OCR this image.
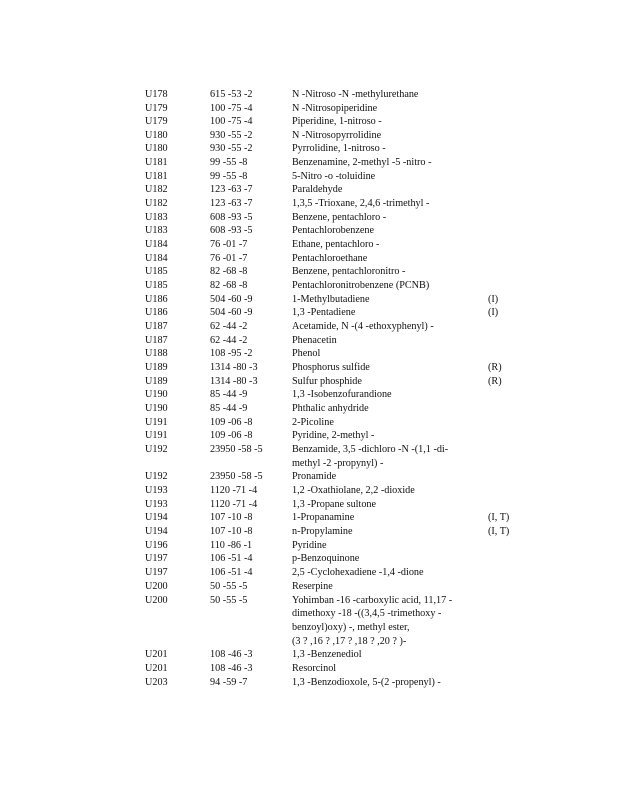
U178	615 -53 -2	N -Nitroso -N -methylurethane
U179	100 -75 -4	N -Nitrosopiperidine
U179	100 -75 -4	Piperidine, 1-nitroso -
U180	930 -55 -2	N -Nitrosopyrrolidine
U180	930 -55 -2	Pyrrolidine, 1-nitroso -
U181	99 -55 -8	Benzenamine, 2-methyl -5 -nitro -
U181	99 -55 -8	5-Nitro -o -toluidine
U182	123 -63 -7	Paraldehyde
U182	123 -63 -7	1,3,5 -Trioxane, 2,4,6 -trimethyl -
U183	608 -93 -5	Benzene, pentachloro -
U183	608 -93 -5	Pentachlorobenzene
U184	76 -01 -7	Ethane, pentachloro -
U184	76 -01 -7	Pentachloroethane
U185	82 -68 -8	Benzene, pentachloronitro -
U185	82 -68 -8	Pentachloronitrobenzene (PCNB)
U186	504 -60 -9	1-Methylbutadiene	(I)
U186	504 -60 -9	1,3 -Pentadiene	(I)
U187	62 -44 -2	Acetamide, N -(4 -ethoxyphenyl) -
U187	62 -44 -2	Phenacetin
U188	108 -95 -2	Phenol
U189	1314 -80 -3	Phosphorus sulfide	(R)
U189	1314 -80 -3	Sulfur phosphide	(R)
U190	85 -44 -9	1,3 -Isobenzofurandione
U190	85 -44 -9	Phthalic anhydride
U191	109 -06 -8	2-Picoline
U191	109 -06 -8	Pyridine, 2-methyl -
U192	23950 -58 -5	Benzamide, 3,5 -dichloro -N -(1,1 -di-
methyl -2 -propynyl) -
U192	23950 -58 -5	Pronamide
U193	1120 -71 -4	1,2 -Oxathiolane, 2,2 -dioxide
U193	1120 -71 -4	1,3 -Propane sultone
U194	107 -10 -8	1-Propanamine	(I, T)
U194	107 -10 -8	n-Propylamine	(I, T)
U196	110 -86 -1	Pyridine
U197	106 -51 -4	p-Benzoquinone
U197	106 -51 -4	2,5 -Cyclohexadiene -1,4 -dione
U200	50 -55 -5	Reserpine
U200	50 -55 -5	Yohimban -16 -carboxylic acid, 11,17 -
dimethoxy -18 -((3,4,5 -trimethoxy -
benzoyl)oxy) -, methyl ester,
(3 ? ,16 ? ,17 ? ,18 ? ,20 ? )-
U201	108 -46 -3	1,3 -Benzenediol
U201	108 -46 -3	Resorcinol
U203	94 -59 -7	1,3 -Benzodioxole, 5-(2 -propenyl) -
